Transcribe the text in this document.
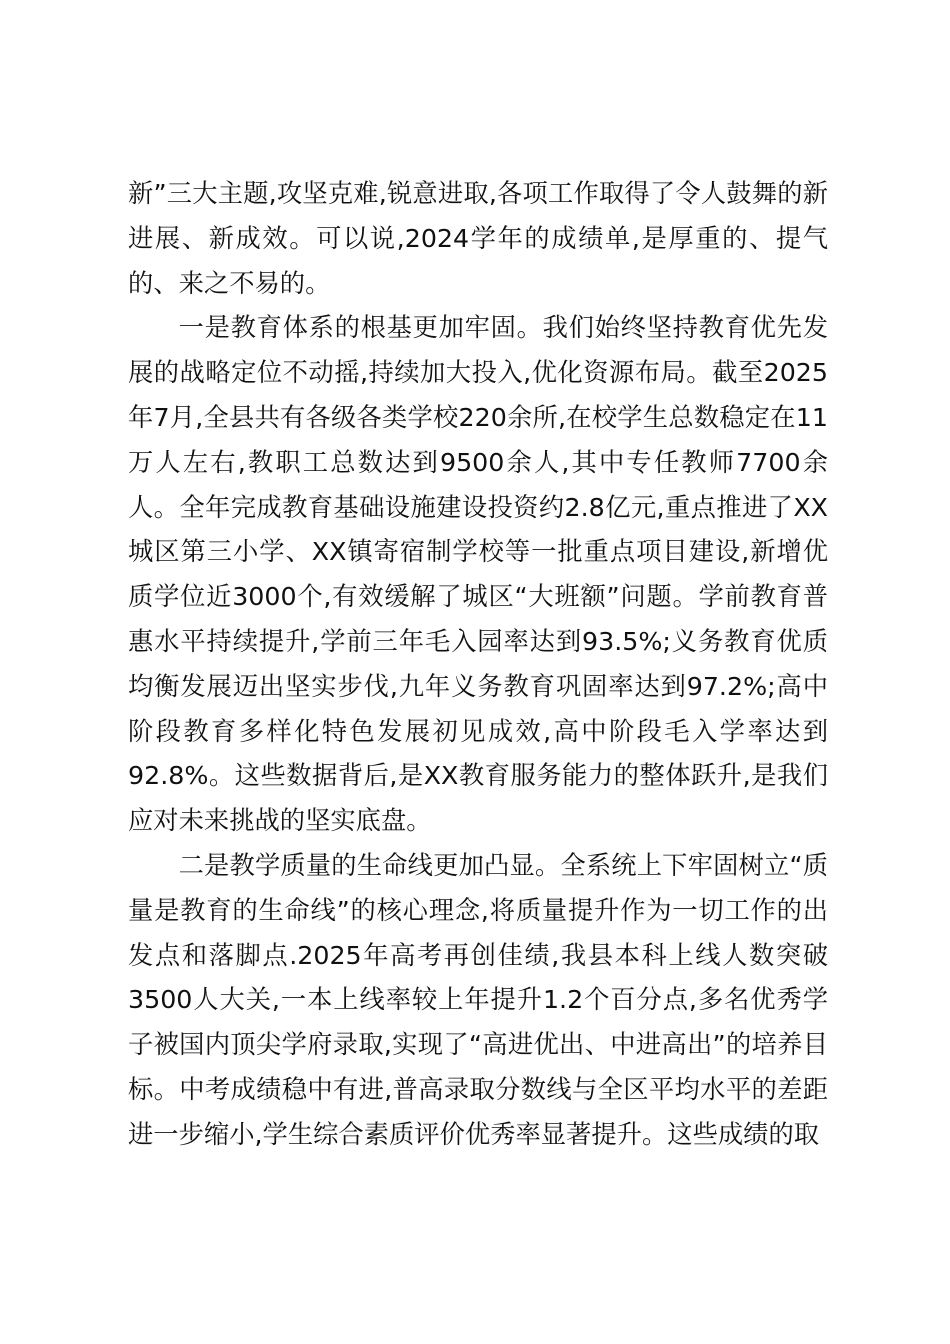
新”三大主题,攻坚克难,锐意进取,各项工作取得了令人鼓舞的新进展、新成效。可以说,2024学年的成绩单,是厚重的、提气的、来之不易的。

一是教育体系的根基更加牢固。我们始终坚持教育优先发展的战略定位不动摇,持续加大投入,优化资源布局。截至2025年7月,全县共有各级各类学校220余所,在校学生总数稳定在11万人左右,教职工总数达到9500余人,其中专任教师7700余人。全年完成教育基础设施建设投资约2.8亿元,重点推进了XX城区第三小学、XX镇寄宿制学校等一批重点项目建设,新增优质学位近3000个,有效缓解了城区“大班额”问题。学前教育普惠水平持续提升,学前三年毛入园率达到93.5%;义务教育优质均衡发展迈出坚实步伐,九年义务教育巩固率达到97.2%;高中阶段教育多样化特色发展初见成效,高中阶段毛入学率达到92.8%。这些数据背后,是XX教育服务能力的整体跃升,是我们应对未来挑战的坚实底盘。

二是教学质量的生命线更加凸显。全系统上下牢固树立“质量是教育的生命线”的核心理念,将质量提升作为一切工作的出发点和落脚点.2025年高考再创佳绩,我县本科上线人数突破3500人大关,一本上线率较上年提升1.2个百分点,多名优秀学子被国内顶尖学府录取,实现了“高进优出、中进高出”的培养目标。中考成绩稳中有进,普高录取分数线与全区平均水平的差距进一步缩小,学生综合素质评价优秀率显著提升。这些成绩的取
